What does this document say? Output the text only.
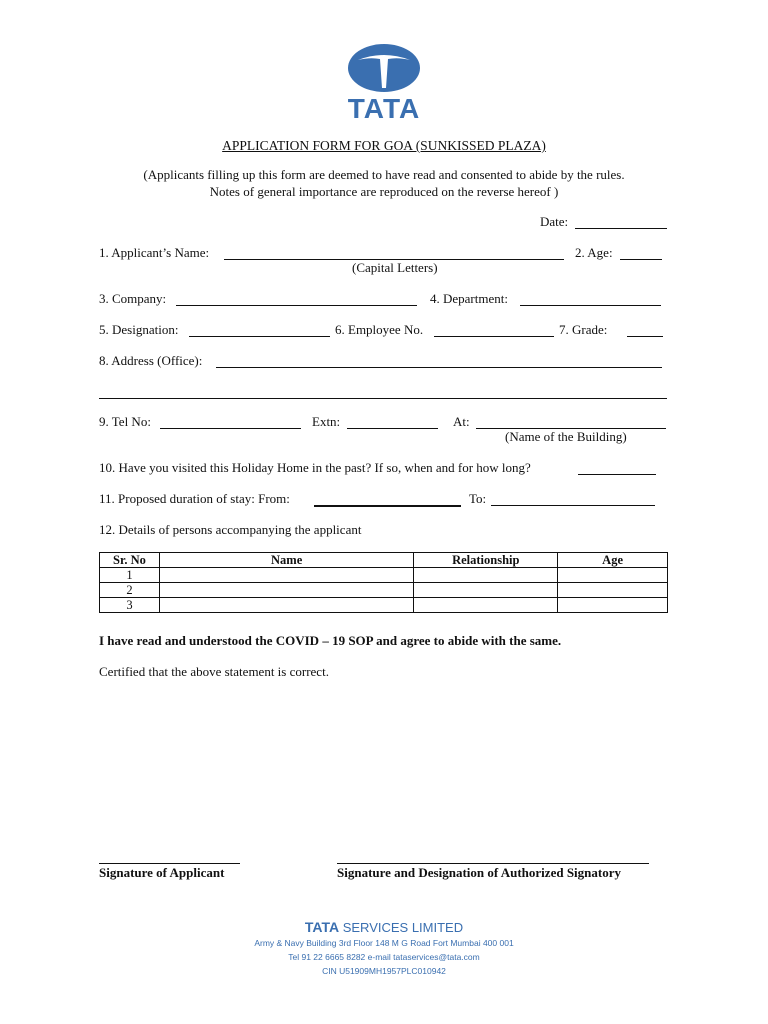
TATA
APPLICATION FORM FOR GOA (SUNKISSED PLAZA)
(Applicants filling up this form are deemed to have read and consented to abide by the rules.
Notes of general importance are reproduced on the reverse hereof )
Date:
1. Applicant’s Name:	2. Age:
(Capital Letters)
3. Company:	4. Department:
5. Designation:	6. Employee No.	7. Grade:
8. Address (Office):
9. Tel No:	Extn:	At:
(Name of the Building)
10. Have you visited this Holiday Home in the past? If so, when and for how long?
11. Proposed duration of stay: From:	To:
12. Details of persons accompanying the applicant
Sr. No	Name	Relationship	Age
1			
2			
3			
I have read and understood the COVID – 19 SOP and agree to abide with the same.
Certified that the above statement is correct.
Signature of Applicant	Signature and Designation of Authorized Signatory
TATA SERVICES LIMITED
Army & Navy Building 3rd Floor 148 M G Road Fort Mumbai 400 001
Tel 91 22 6665 8282 e-mail tataservices@tata.com
CIN U51909MH1957PLC010942
